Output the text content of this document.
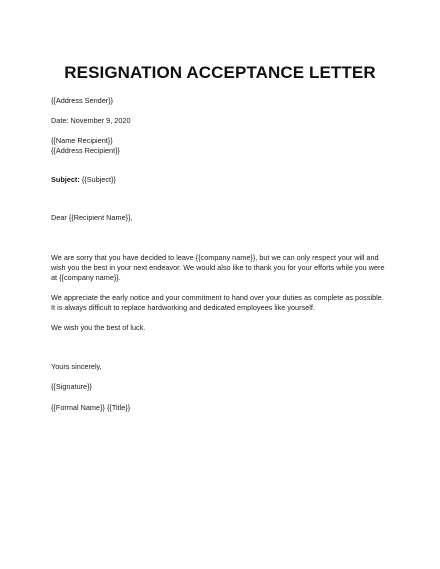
RESIGNATION ACCEPTANCE LETTER
{{Address Sender}}
Date: November 9, 2020
{{Name Recipient}}
{{Address Recipient}}
Subject: {{Subject}}
Dear {{Recipient Name}},
We are sorry that you have decided to leave {{company name}}, but we can only respect your will and
wish you the best in your next endeavor. We would also like to thank you for your efforts while you were
at {{company name}}.
We appreciate the early notice and your commitment to hand over your duties as complete as possible.
It is always difficult to replace hardworking and dedicated employees like yourself.
We wish you the best of luck.
Yours sincerely,
{{Signature}}
{{Formal Name}} {{Title}}
